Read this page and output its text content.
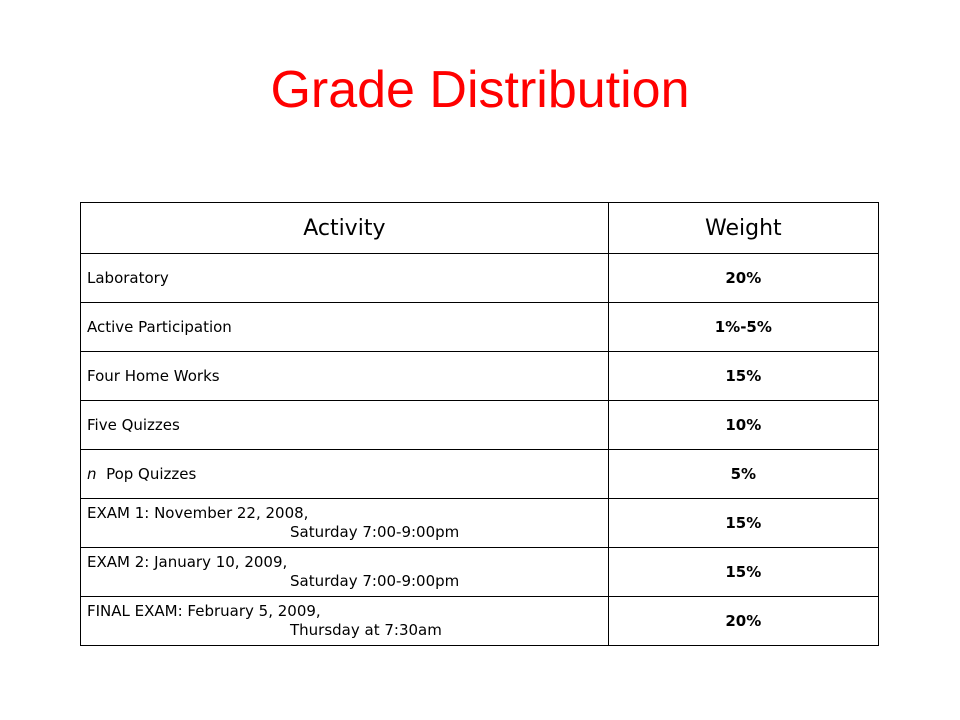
Grade Distribution
Activity	Weight
Laboratory	20%
Active Participation	1%-5%
Four Home Works	15%
Five Quizzes	10%
n Pop Quizzes	5%

EXAM 1: November 22, 2008,
Saturday 7:00-9:00pm	15%

EXAM 2: January 10, 2009,
Saturday 7:00-9:00pm	15%

FINAL EXAM: February 5, 2009,
Thursday at 7:30am	20%
